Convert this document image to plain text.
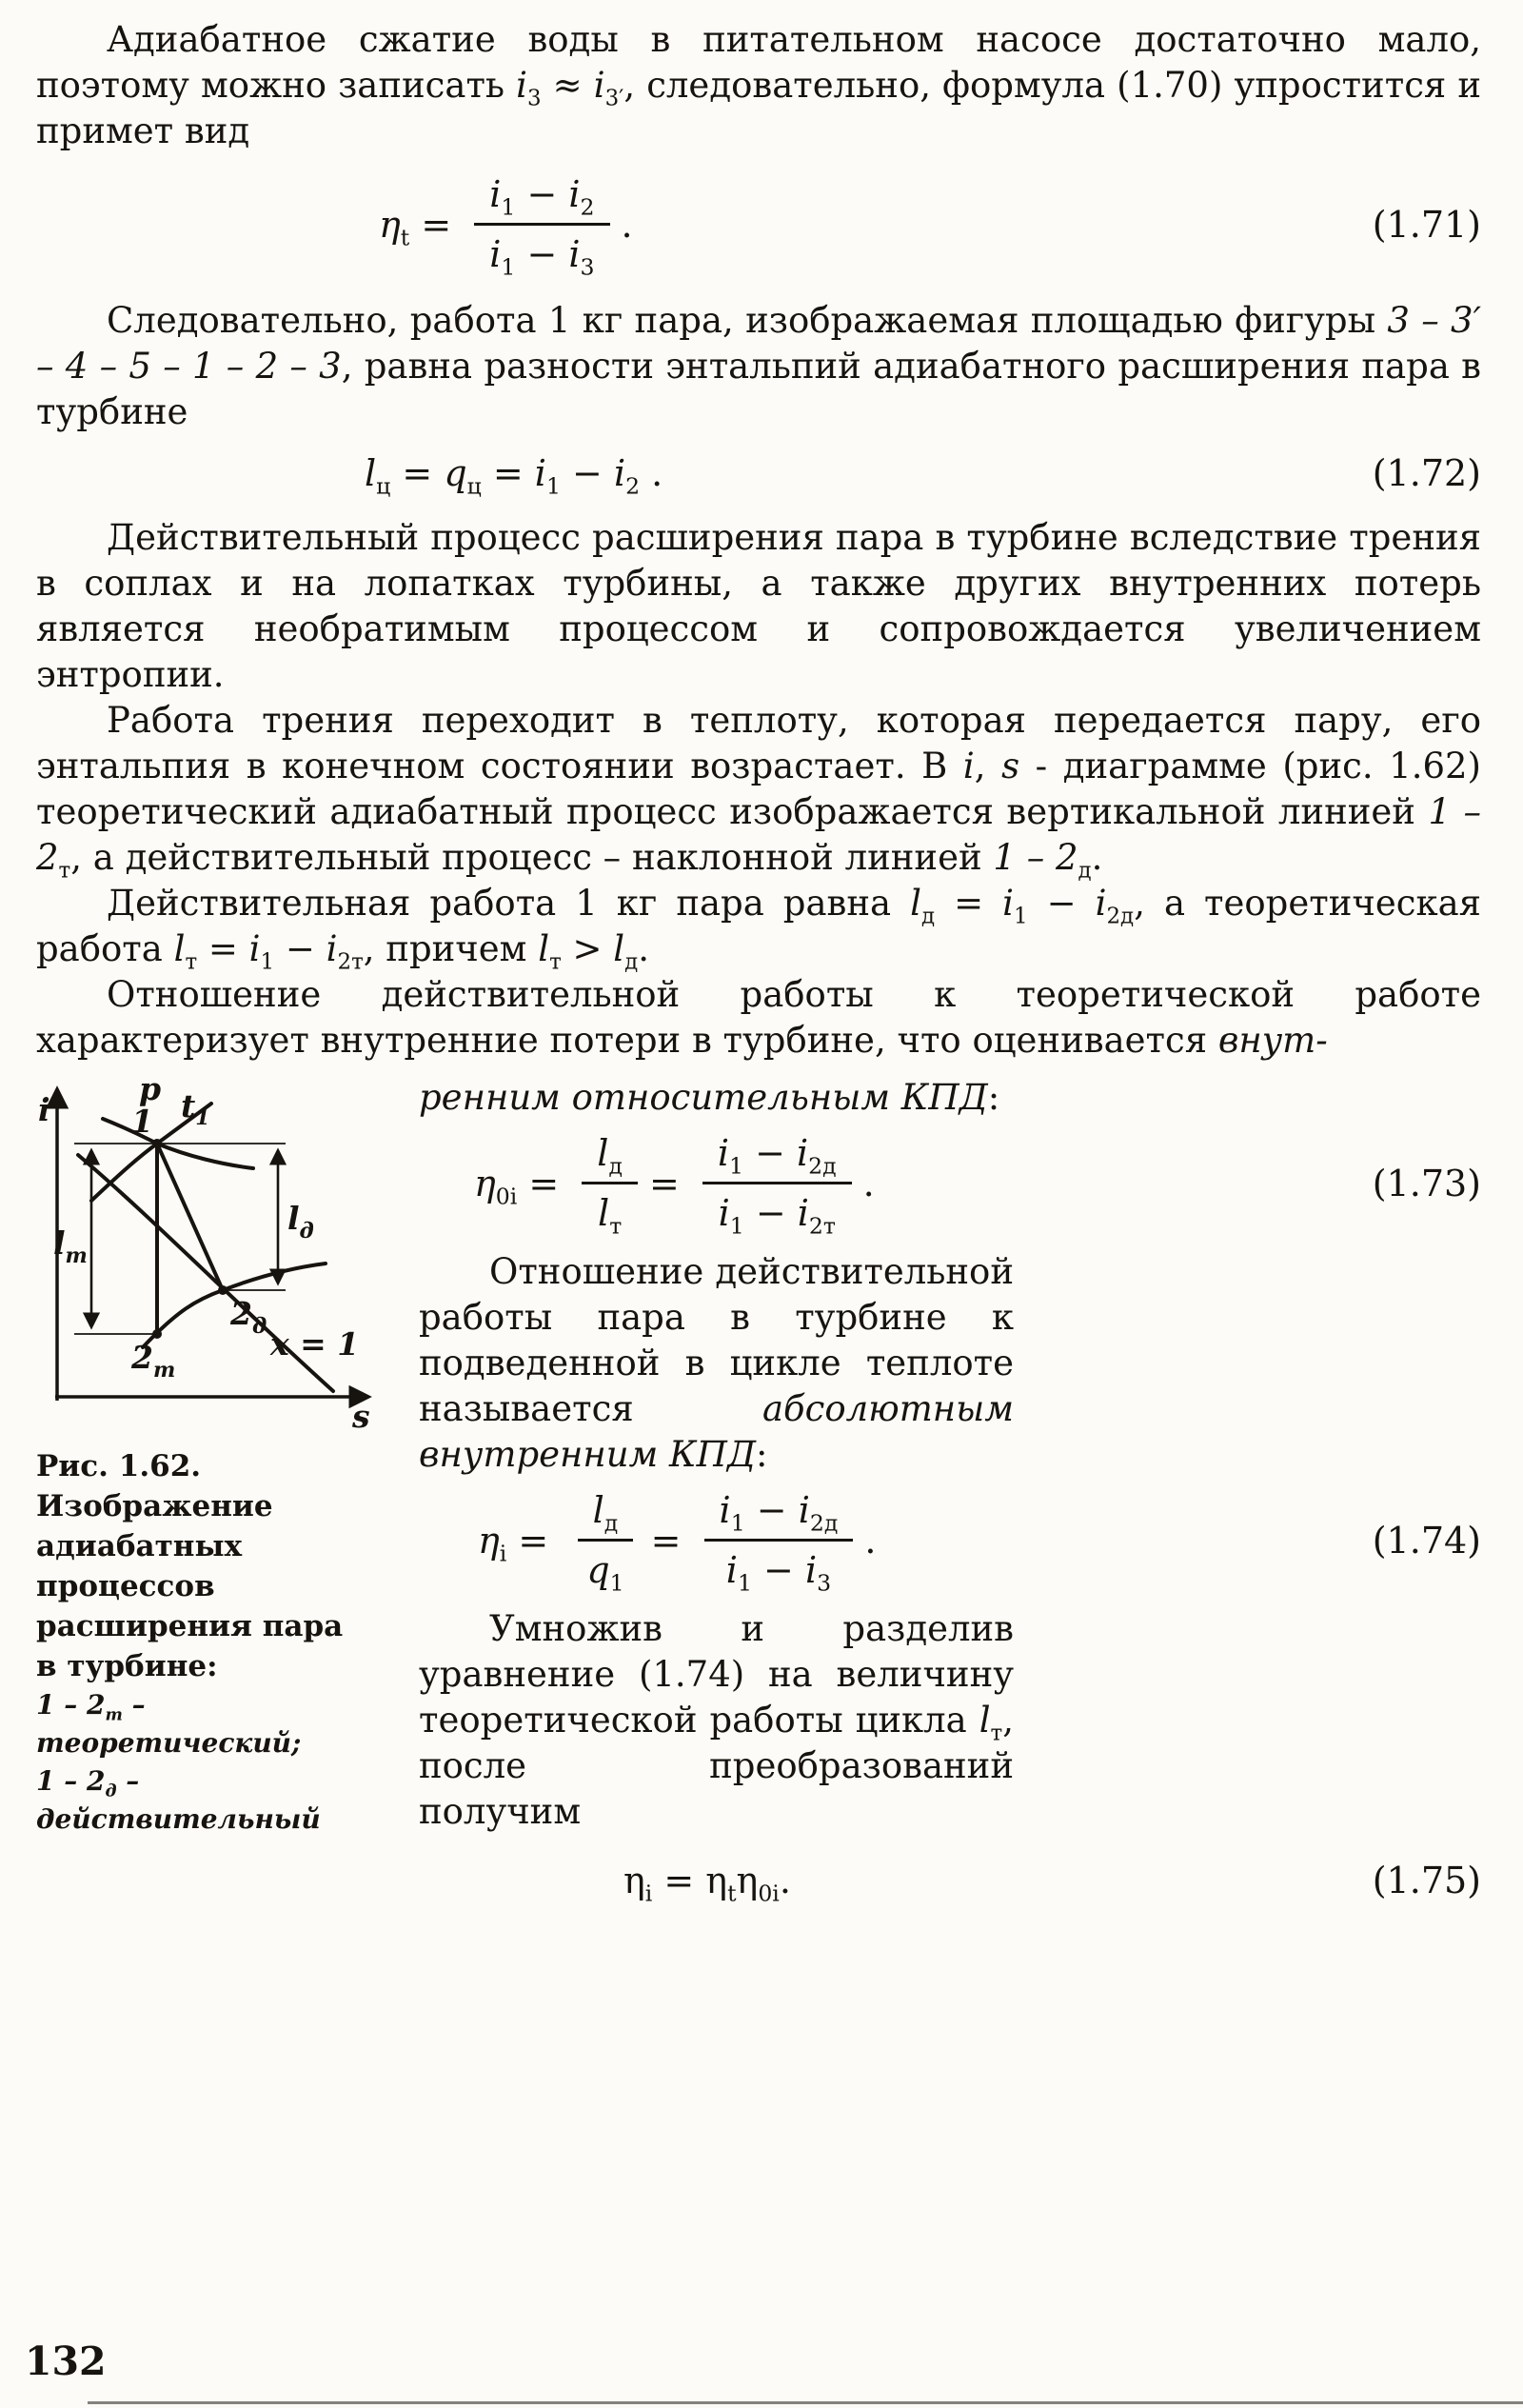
Адиабатное сжатие воды в питательном насосе достаточно мало, поэтому можно записать $i_3 \approx i_{3'}$, следовательно, формула (1.70) упростится и примет вид

$\eta_t = \frac{i_1 - i_2}{i_1 - i_3}$ .	(1.71)

Следовательно, работа 1 кг пара, изображаемая площадью фигуры 3 – 3′ – 4 – 5 – 1 – 2 – 3, равна разности энтальпий адиабатного расширения пара в турбине

$l_ц = q_ц = i_1 - i_2$ .	(1.72)

Действительный процесс расширения пара в турбине вследствие трения в соплах и на лопатках турбины, а также других внутренних потерь является необратимым процессом и сопровождается увеличением энтропии.

Работа трения переходит в теплоту, которая передается пару, его энтальпия в конечном состоянии возрастает. В i, s - диаграмме (рис. 1.62) теоретический адиабатный процесс изображается вертикальной линией $1 - 2_т$, а действительный процесс – наклонной линией $1 - 2_д$.

Действительная работа 1 кг пара равна $l_д = i_1 - i_{2д}$, а теоретическая работа $l_т = i_1 - i_{2т}$, причем $l_т > l_д$.

Отношение действительной работы к теоретической работе характеризует внутренние потери в турбине, что оценивается внут-

i
s
p
1 $t_1$
$l_т$
$l_д$
$2_д$
$2_т$
x = 1

Рис. 1.62. Изображение адиабатных процессов расширения пара в турбине:

$1 - 2_т$ – теоретический;

$1 - 2_д$ – действительный

ренним относительным КПД:

$\eta_{0i} = \frac{l_д}{l_т} = \frac{i_1 - i_{2д}}{i_1 - i_{2т}}$ .	(1.73)

Отношение действительной работы пара в турбине к подведенной в цикле теплоте называется абсолютным внутренним КПД:

$\eta_i = \frac{l_д}{q_1} = \frac{i_1 - i_{2д}}{i_1 - i_3}$ .	(1.74)

Умножив и разделив уравнение (1.74) на величину теоретической работы цикла $l_т$, после преобразований получим

$\eta_i = \eta_t\eta_{0i}$.	(1.75)
132
